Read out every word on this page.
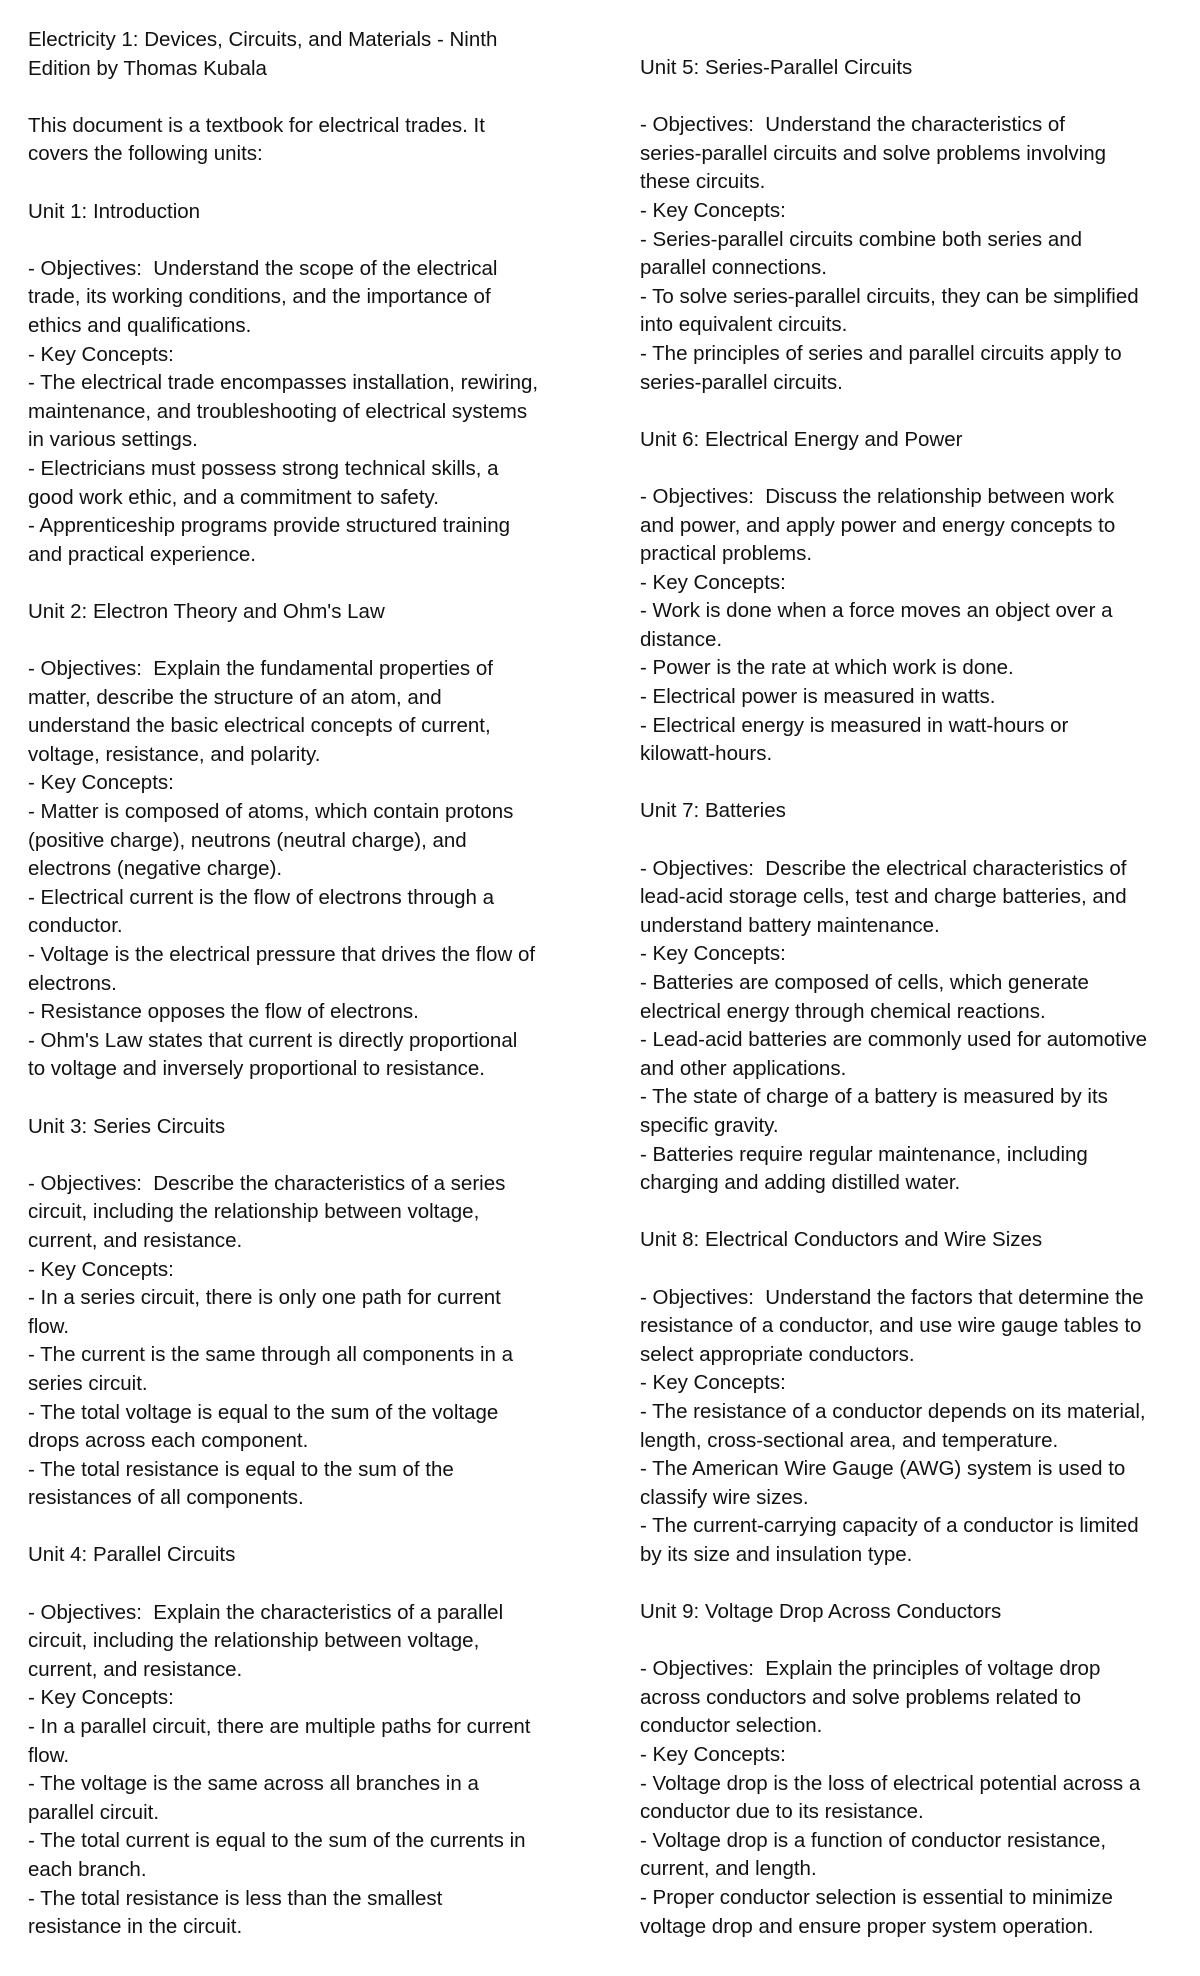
Electricity 1: Devices, Circuits, and Materials - Ninth

Edition by Thomas Kubala

This document is a textbook for electrical trades. It

covers the following units:

Unit 1: Introduction

- Objectives:  Understand the scope of the electrical
trade, its working conditions, and the importance of
ethics and qualifications.

- Key Concepts:

- The electrical trade encompasses installation, rewiring,
maintenance, and troubleshooting of electrical systems
in various settings.

- Electricians must possess strong technical skills, a
good work ethic, and a commitment to safety.

- Apprenticeship programs provide structured training
and practical experience.

Unit 2: Electron Theory and Ohm's Law

- Objectives:  Explain the fundamental properties of
matter, describe the structure of an atom, and
understand the basic electrical concepts of current,
voltage, resistance, and polarity.

- Key Concepts:

- Matter is composed of atoms, which contain protons
(positive charge), neutrons (neutral charge), and
electrons (negative charge).

- Electrical current is the flow of electrons through a
conductor.

- Voltage is the electrical pressure that drives the flow of
electrons.

- Resistance opposes the flow of electrons.

- Ohm's Law states that current is directly proportional
to voltage and inversely proportional to resistance.

Unit 3: Series Circuits

- Objectives:  Describe the characteristics of a series
circuit, including the relationship between voltage,
current, and resistance.

- Key Concepts:

- In a series circuit, there is only one path for current
flow.

- The current is the same through all components in a
series circuit.

- The total voltage is equal to the sum of the voltage
drops across each component.

- The total resistance is equal to the sum of the
resistances of all components.

Unit 4: Parallel Circuits

- Objectives:  Explain the characteristics of a parallel
circuit, including the relationship between voltage,
current, and resistance.

- Key Concepts:

- In a parallel circuit, there are multiple paths for current
flow.

- The voltage is the same across all branches in a
parallel circuit.

- The total current is equal to the sum of the currents in
each branch.

- The total resistance is less than the smallest
resistance in the circuit.

Unit 5: Series-Parallel Circuits

- Objectives:  Understand the characteristics of
series-parallel circuits and solve problems involving
these circuits.

- Key Concepts:

- Series-parallel circuits combine both series and
parallel connections.

- To solve series-parallel circuits, they can be simplified
into equivalent circuits.

- The principles of series and parallel circuits apply to
series-parallel circuits.

Unit 6: Electrical Energy and Power

- Objectives:  Discuss the relationship between work
and power, and apply power and energy concepts to
practical problems.

- Key Concepts:

- Work is done when a force moves an object over a
distance.

- Power is the rate at which work is done.

- Electrical power is measured in watts.

- Electrical energy is measured in watt-hours or
kilowatt-hours.

Unit 7: Batteries

- Objectives:  Describe the electrical characteristics of
lead-acid storage cells, test and charge batteries, and
understand battery maintenance.

- Key Concepts:

- Batteries are composed of cells, which generate
electrical energy through chemical reactions.

- Lead-acid batteries are commonly used for automotive
and other applications.

- The state of charge of a battery is measured by its
specific gravity.

- Batteries require regular maintenance, including
charging and adding distilled water.

Unit 8: Electrical Conductors and Wire Sizes

- Objectives:  Understand the factors that determine the
resistance of a conductor, and use wire gauge tables to
select appropriate conductors.

- Key Concepts:

- The resistance of a conductor depends on its material,
length, cross-sectional area, and temperature.

- The American Wire Gauge (AWG) system is used to
classify wire sizes.

- The current-carrying capacity of a conductor is limited
by its size and insulation type.

Unit 9: Voltage Drop Across Conductors

- Objectives:  Explain the principles of voltage drop
across conductors and solve problems related to
conductor selection.

- Key Concepts:

- Voltage drop is the loss of electrical potential across a
conductor due to its resistance.

- Voltage drop is a function of conductor resistance,
current, and length.

- Proper conductor selection is essential to minimize
voltage drop and ensure proper system operation.
